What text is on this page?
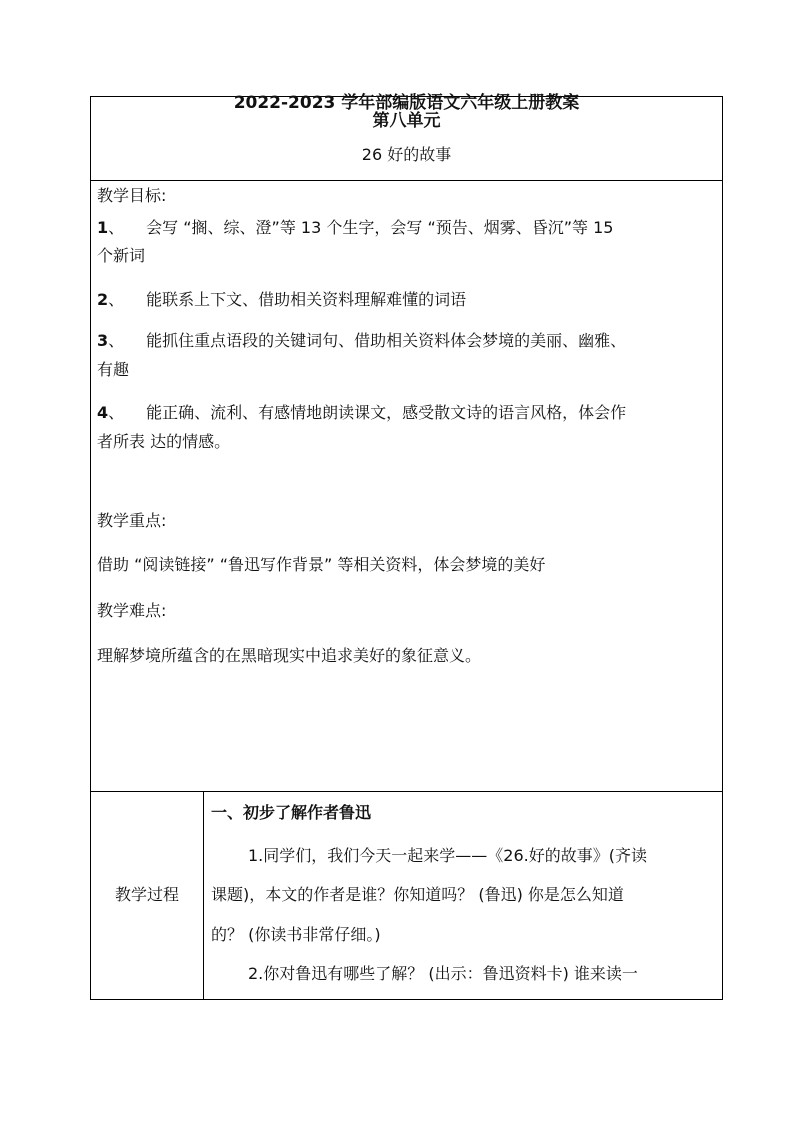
2022-2023 学年部编版语文六年级上册教案
第八单元
26 好的故事
教学目标:
1、 会写 “搁、综、澄”等 13 个生字，会写 “预告、烟雾、昏沉”等 15
个新词
2、 能联系上下文、借助相关资料理解难懂的词语
3、 能抓住重点语段的关键词句、借助相关资料体会梦境的美丽、幽雅、
有趣
4、 能正确、流利、有感情地朗读课文，感受散文诗的语言风格，体会作
者所表 达的情感。
教学重点:
借助 “阅读链接” “鲁迅写作背景” 等相关资料，体会梦境的美好
教学难点:
理解梦境所蕴含的在黑暗现实中追求美好的象征意义。
教学过程
一、初步了解作者鲁迅
1.同学们，我们今天一起来学——《26.好的故事》(齐读
课题)，本文的作者是谁？你知道吗？ (鲁迅) 你是怎么知道
的？ (你读书非常仔细。)
2.你对鲁迅有哪些了解？ (出示：鲁迅资料卡) 谁来读一
